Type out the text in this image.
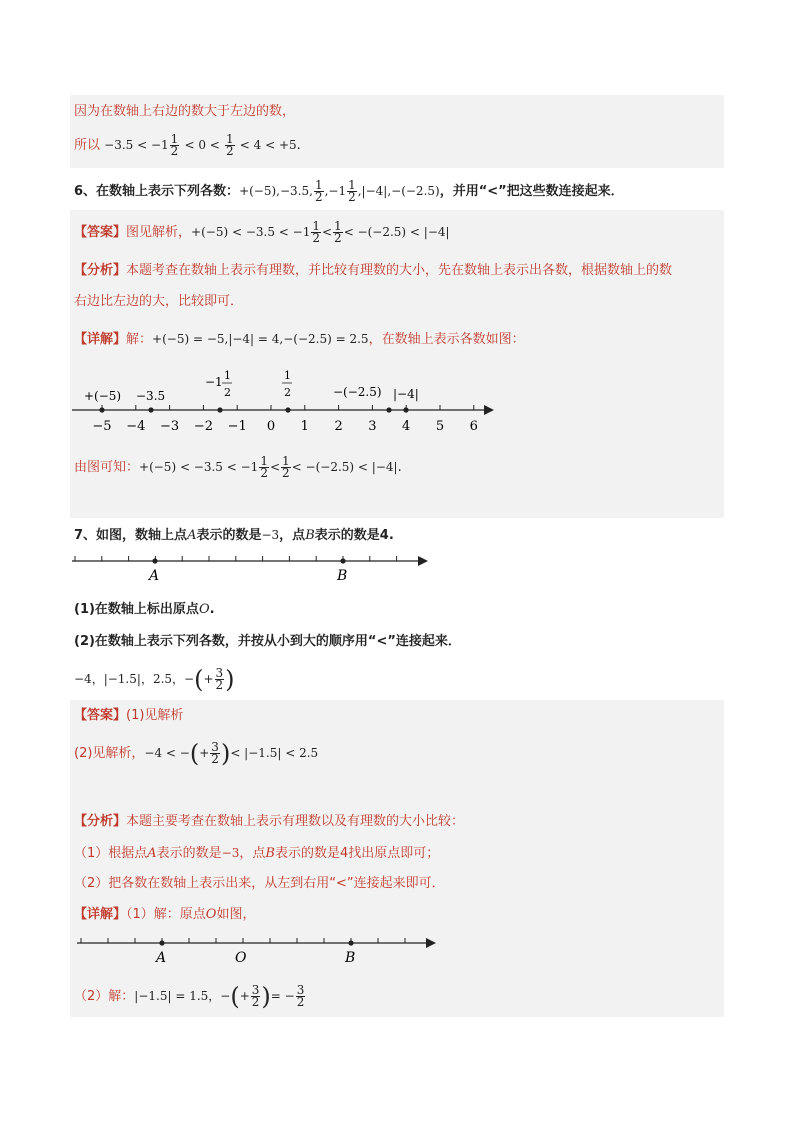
因为在数轴上右边的数大于左边的数，
所以 $-3.5 < -1 \frac{1}{2} < 0 < \frac{1}{2} < 4 < +5$.
6、在数轴上表示下列各数：+(−5),−3.5, $\frac{1}{2} ,-1 \frac{1}{2} ,|-4|,-(-2.5)$，并用“<”把这些数连接起来．
【答案】图见解析，$+(-5) < -3.5 < -1 \frac{1}{2} < \frac{1}{2} < -(-2.5) < |-4|$
【分析】本题考查在数轴上表示有理数，并比较有理数的大小，先在数轴上表示出各数，根据数轴上的数
右边比左边的大，比较即可．
【详解】解：+(−5) = −5,|−4| = 4,−(−2.5) = 2.5，在数轴上表示各数如图：
−5 −4 −3 −2 −1 0 1 2 3 4 5 6
+(−5) −3.5
−1 1
2
1
2	−(−2.5) |−4|
由图可知：$+(-5) < -3.5 < -1 \frac{1}{2} < \frac{1}{2} < -(-2.5) < |-4|$.
7、如图，数轴上点A表示的数是−3，点B表示的数是4.
A	B
(1)在数轴上标出原点O.
(2)在数轴上表示下列各数，并按从小到大的顺序用“<”连接起来．
−4，|−1.5|，2.5，−(+ $\frac{3}{2}$ )
【答案】(1)见解析
(2)见解析，−4 < −(+ $\frac{3}{2}$ )< |−1.5| < 2.5
【分析】本题主要考查在数轴上表示有理数以及有理数的大小比较：
（1）根据点A表示的数是−3，点B表示的数是4找出原点即可；
（2）把各数在数轴上表示出来，从左到右用“<”连接起来即可．
【详解】（1）解：原点O如图，
A	O	B
（2）解：|−1.5| = 1.5，−(+ $\frac{3}{2}$ )= − $\frac{3}{2}$
